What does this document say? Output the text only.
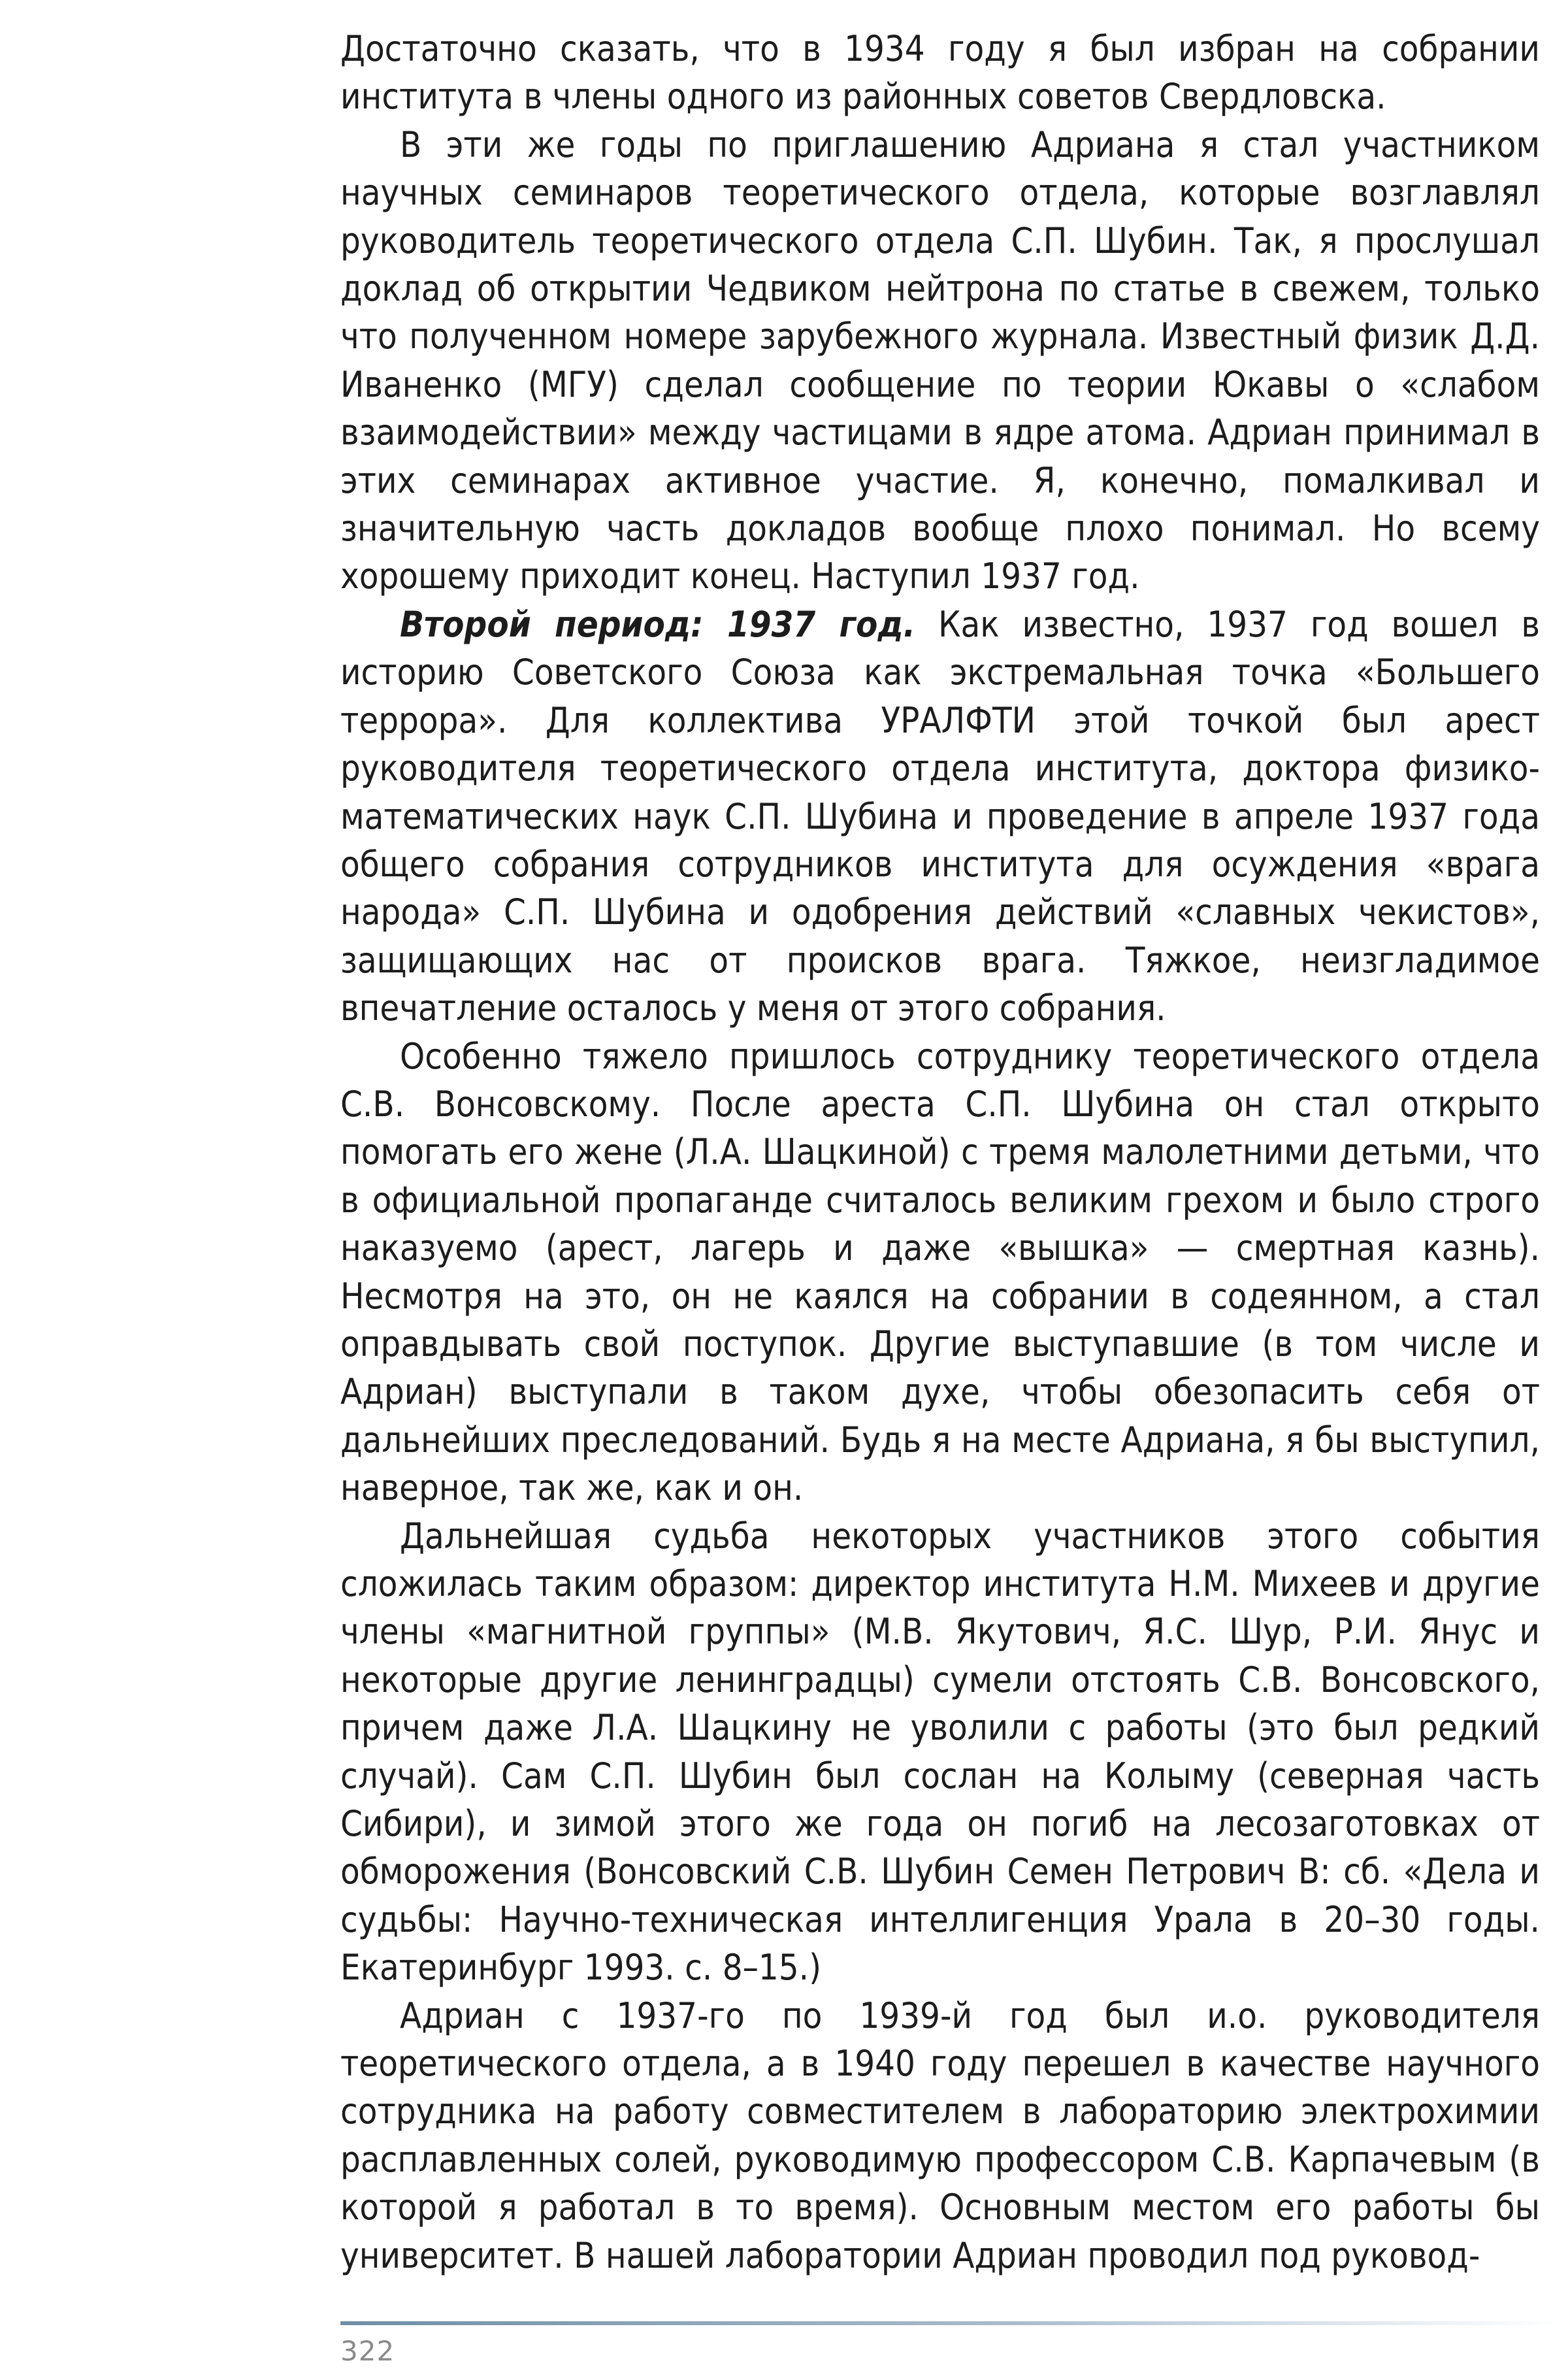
Достаточно сказать, что в 1934 году я был избран на собрании института в члены одного из районных советов Свердловска.

В эти же годы по приглашению Адриана я стал участником научных семинаров теоретического отдела, которые возглавлял руководитель теоретического отдела С.П. Шубин. Так, я прослушал доклад об открытии Чедвиком нейтрона по статье в свежем, только что полученном номере зарубежного журнала. Известный физик Д.Д. Иваненко (МГУ) сделал сообщение по теории Юкавы о «слабом взаимодействии» между частицами в ядре атома. Адриан принимал в этих семинарах активное участие. Я, конечно, помалкивал и значительную часть докладов вообще плохо понимал. Но всему хорошему приходит конец. Наступил 1937 год.

Второй период: 1937 год. Как известно, 1937 год вошел в историю Советского Союза как экстремальная точка «Большего террора». Для коллектива УРАЛФТИ этой точкой был арест руководителя теоретического отдела института, доктора физико-математических наук С.П. Шубина и проведение в апреле 1937 года общего собрания сотрудников института для осуждения «врага народа» С.П. Шубина и одобрения действий «славных чекистов», защищающих нас от происков врага. Тяжкое, неизгладимое впечатление осталось у меня от этого собрания.

Особенно тяжело пришлось сотруднику теоретического отдела С.В. Вонсовскому. После ареста С.П. Шубина он стал открыто помогать его жене (Л.А. Шацкиной) с тремя малолетними детьми, что в официальной пропаганде считалось великим грехом и было строго наказуемо (арест, лагерь и даже «вышка» — смертная казнь). Несмотря на это, он не каялся на собрании в содеянном, а стал оправдывать свой поступок. Другие выступавшие (в том числе и Адриан) выступали в таком духе, чтобы обезопасить себя от дальнейших преследований. Будь я на месте Адриана, я бы выступил, наверное, так же, как и он.

Дальнейшая судьба некоторых участников этого события сложилась таким образом: директор института Н.М. Михеев и другие члены «магнитной группы» (М.В. Якутович, Я.С. Шур, Р.И. Янус и некоторые другие ленинградцы) сумели отстоять С.В. Вонсовского, причем даже Л.А. Шацкину не уволили с работы (это был редкий случай). Сам С.П. Шубин был сослан на Колыму (северная часть Сибири), и зимой этого же года он погиб на лесозаготовках от обморожения (Вонсовский С.В. Шубин Семен Петрович В: сб. «Дела и судьбы: Научно-техническая интеллигенция Урала в 20–30 годы. Екатеринбург 1993. с. 8–15.)

Адриан с 1937-го по 1939-й год был и.о. руководителя теоретического отдела, а в 1940 году перешел в качестве научного сотрудника на работу совместителем в лабораторию электрохимии расплавленных солей, руководимую профессором С.В. Карпачевым (в которой я работал в то время). Основным местом его работы бы университет. В нашей лаборатории Адриан проводил под руковод-

322
